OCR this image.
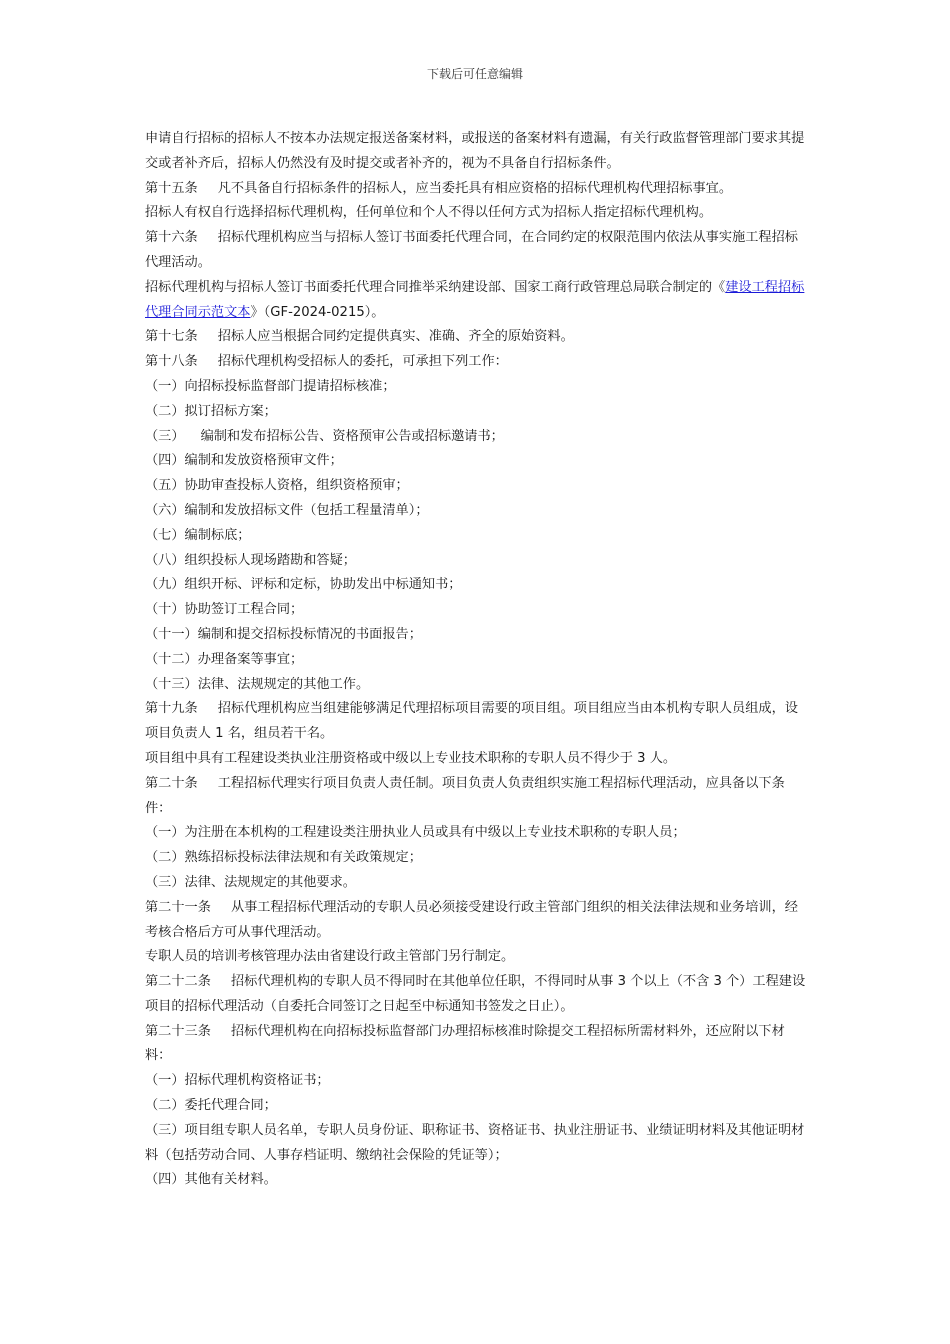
下载后可任意编辑

申请自行招标的招标人不按本办法规定报送备案材料，或报送的备案材料有遗漏，有关行政监督管理部门要求其提交或者补齐后，招标人仍然没有及时提交或者补齐的，视为不具备自行招标条件。

第十五条 凡不具备自行招标条件的招标人，应当委托具有相应资格的招标代理机构代理招标事宜。

招标人有权自行选择招标代理机构，任何单位和个人不得以任何方式为招标人指定招标代理机构。

第十六条 招标代理机构应当与招标人签订书面委托代理合同，在合同约定的权限范围内依法从事实施工程招标代理活动。

招标代理机构与招标人签订书面委托代理合同推举采纳建设部、国家工商行政管理总局联合制定的《建设工程招标代理合同示范文本》（GF-2024-0215）。

第十七条 招标人应当根据合同约定提供真实、准确、齐全的原始资料。

第十八条 招标代理机构受招标人的委托，可承担下列工作：

（一）向招标投标监督部门提请招标核准；

（二）拟订招标方案；

（三） 编制和发布招标公告、资格预审公告或招标邀请书；

（四）编制和发放资格预审文件；

（五）协助审查投标人资格，组织资格预审；

（六）编制和发放招标文件（包括工程量清单）；

（七）编制标底；

（八）组织投标人现场踏勘和答疑；

（九）组织开标、评标和定标，协助发出中标通知书；

（十）协助签订工程合同；

（十一）编制和提交招标投标情况的书面报告；

（十二）办理备案等事宜；

（十三）法律、法规规定的其他工作。

第十九条 招标代理机构应当组建能够满足代理招标项目需要的项目组。项目组应当由本机构专职人员组成，设项目负责人 1 名，组员若干名。

项目组中具有工程建设类执业注册资格或中级以上专业技术职称的专职人员不得少于 3 人。

第二十条 工程招标代理实行项目负责人责任制。项目负责人负责组织实施工程招标代理活动，应具备以下条件：

（一）为注册在本机构的工程建设类注册执业人员或具有中级以上专业技术职称的专职人员；

（二）熟练招标投标法律法规和有关政策规定；

（三）法律、法规规定的其他要求。

第二十一条 从事工程招标代理活动的专职人员必须接受建设行政主管部门组织的相关法律法规和业务培训，经考核合格后方可从事代理活动。

专职人员的培训考核管理办法由省建设行政主管部门另行制定。

第二十二条 招标代理机构的专职人员不得同时在其他单位任职，不得同时从事 3 个以上（不含 3 个）工程建设项目的招标代理活动（自委托合同签订之日起至中标通知书签发之日止）。

第二十三条 招标代理机构在向招标投标监督部门办理招标核准时除提交工程招标所需材料外，还应附以下材料：

（一）招标代理机构资格证书；

（二）委托代理合同；

（三）项目组专职人员名单，专职人员身份证、职称证书、资格证书、执业注册证书、业绩证明材料及其他证明材料（包括劳动合同、人事存档证明、缴纳社会保险的凭证等）；

（四）其他有关材料。
